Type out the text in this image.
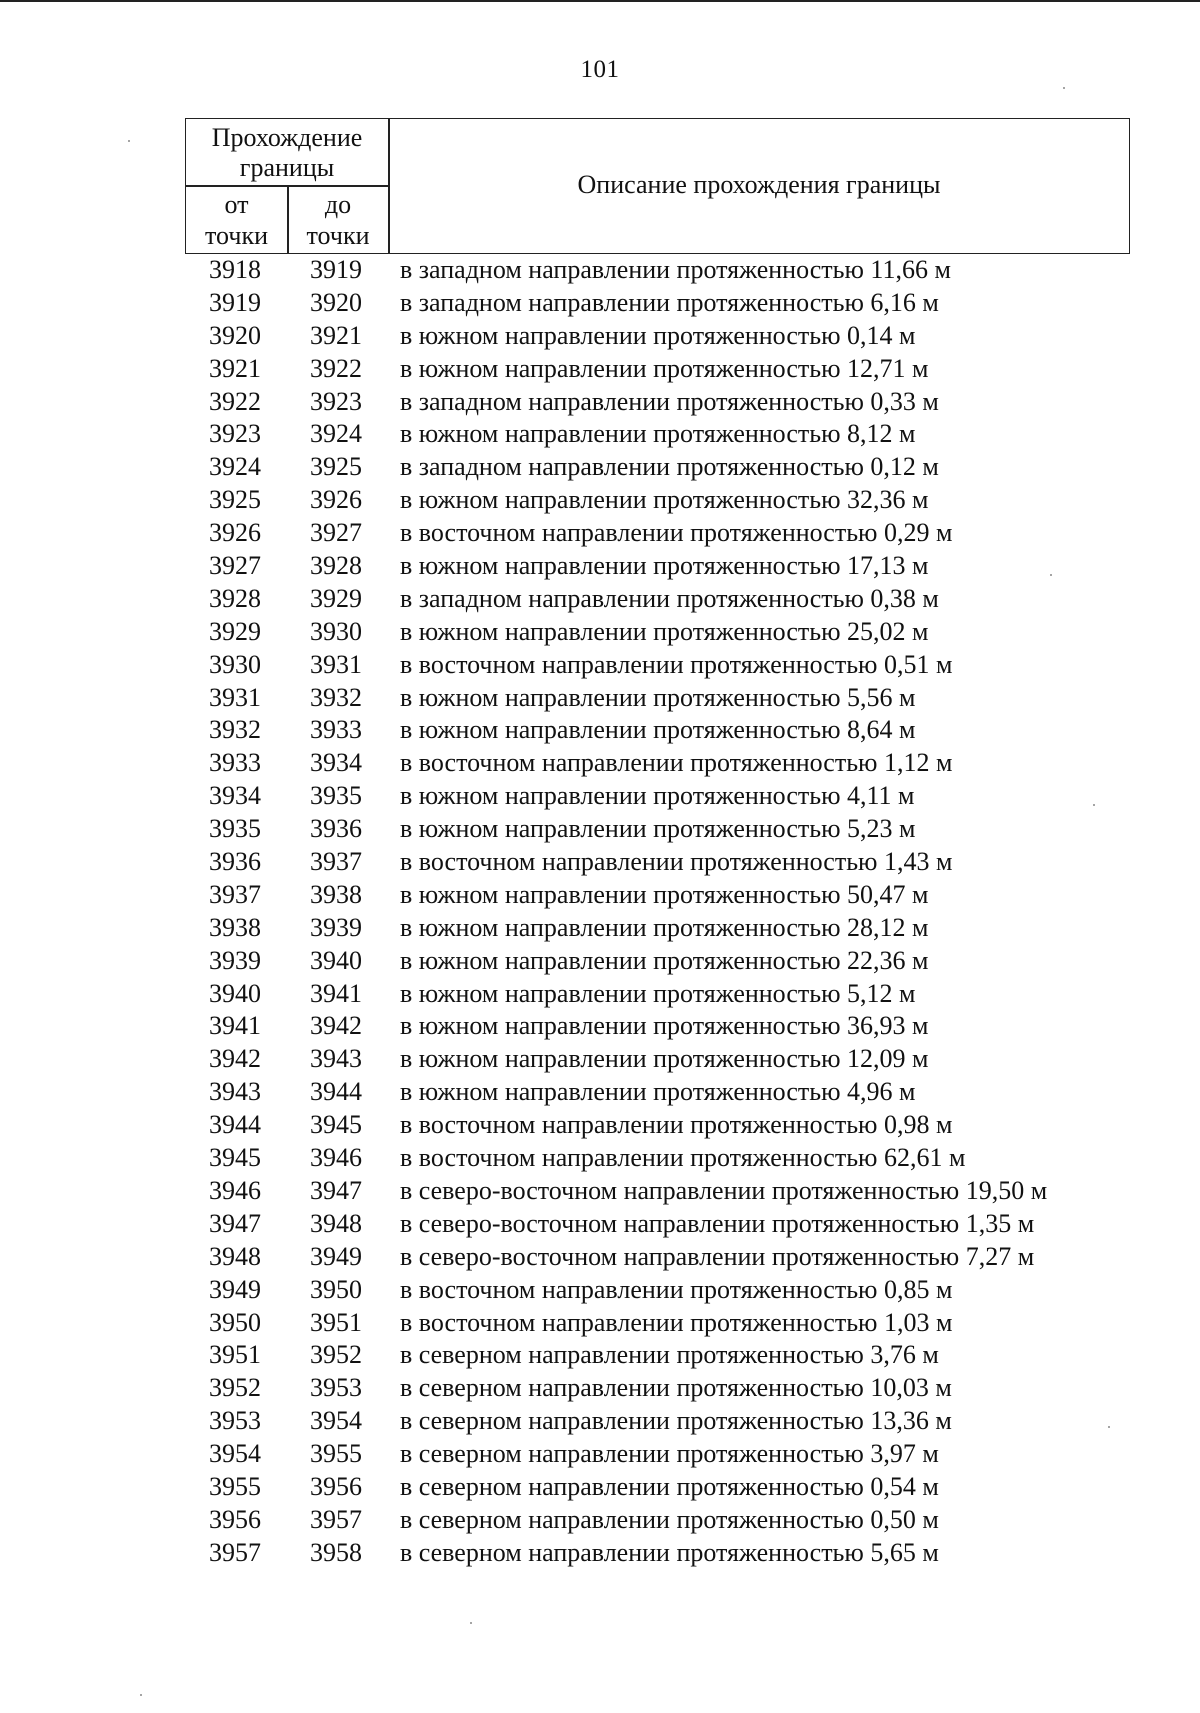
101
Прохождение
границы
от
точки
до
точки
Описание прохождения границы
3918	3919	в западном направлении протяженностью 11,66 м
3919	3920	в западном направлении протяженностью 6,16 м
3920	3921	в южном направлении протяженностью 0,14 м
3921	3922	в южном направлении протяженностью 12,71 м
3922	3923	в западном направлении протяженностью 0,33 м
3923	3924	в южном направлении протяженностью 8,12 м
3924	3925	в западном направлении протяженностью 0,12 м
3925	3926	в южном направлении протяженностью 32,36 м
3926	3927	в восточном направлении протяженностью 0,29 м
3927	3928	в южном направлении протяженностью 17,13 м
3928	3929	в западном направлении протяженностью 0,38 м
3929	3930	в южном направлении протяженностью 25,02 м
3930	3931	в восточном направлении протяженностью 0,51 м
3931	3932	в южном направлении протяженностью 5,56 м
3932	3933	в южном направлении протяженностью 8,64 м
3933	3934	в восточном направлении протяженностью 1,12 м
3934	3935	в южном направлении протяженностью 4,11 м
3935	3936	в южном направлении протяженностью 5,23 м
3936	3937	в восточном направлении протяженностью 1,43 м
3937	3938	в южном направлении протяженностью 50,47 м
3938	3939	в южном направлении протяженностью 28,12 м
3939	3940	в южном направлении протяженностью 22,36 м
3940	3941	в южном направлении протяженностью 5,12 м
3941	3942	в южном направлении протяженностью 36,93 м
3942	3943	в южном направлении протяженностью 12,09 м
3943	3944	в южном направлении протяженностью 4,96 м
3944	3945	в восточном направлении протяженностью 0,98 м
3945	3946	в восточном направлении протяженностью 62,61 м
3946	3947	в северо-восточном направлении протяженностью 19,50 м
3947	3948	в северо-восточном направлении протяженностью 1,35 м
3948	3949	в северо-восточном направлении протяженностью 7,27 м
3949	3950	в восточном направлении протяженностью 0,85 м
3950	3951	в восточном направлении протяженностью 1,03 м
3951	3952	в северном направлении протяженностью 3,76 м
3952	3953	в северном направлении протяженностью 10,03 м
3953	3954	в северном направлении протяженностью 13,36 м
3954	3955	в северном направлении протяженностью 3,97 м
3955	3956	в северном направлении протяженностью 0,54 м
3956	3957	в северном направлении протяженностью 0,50 м
3957	3958	в северном направлении протяженностью 5,65 м
